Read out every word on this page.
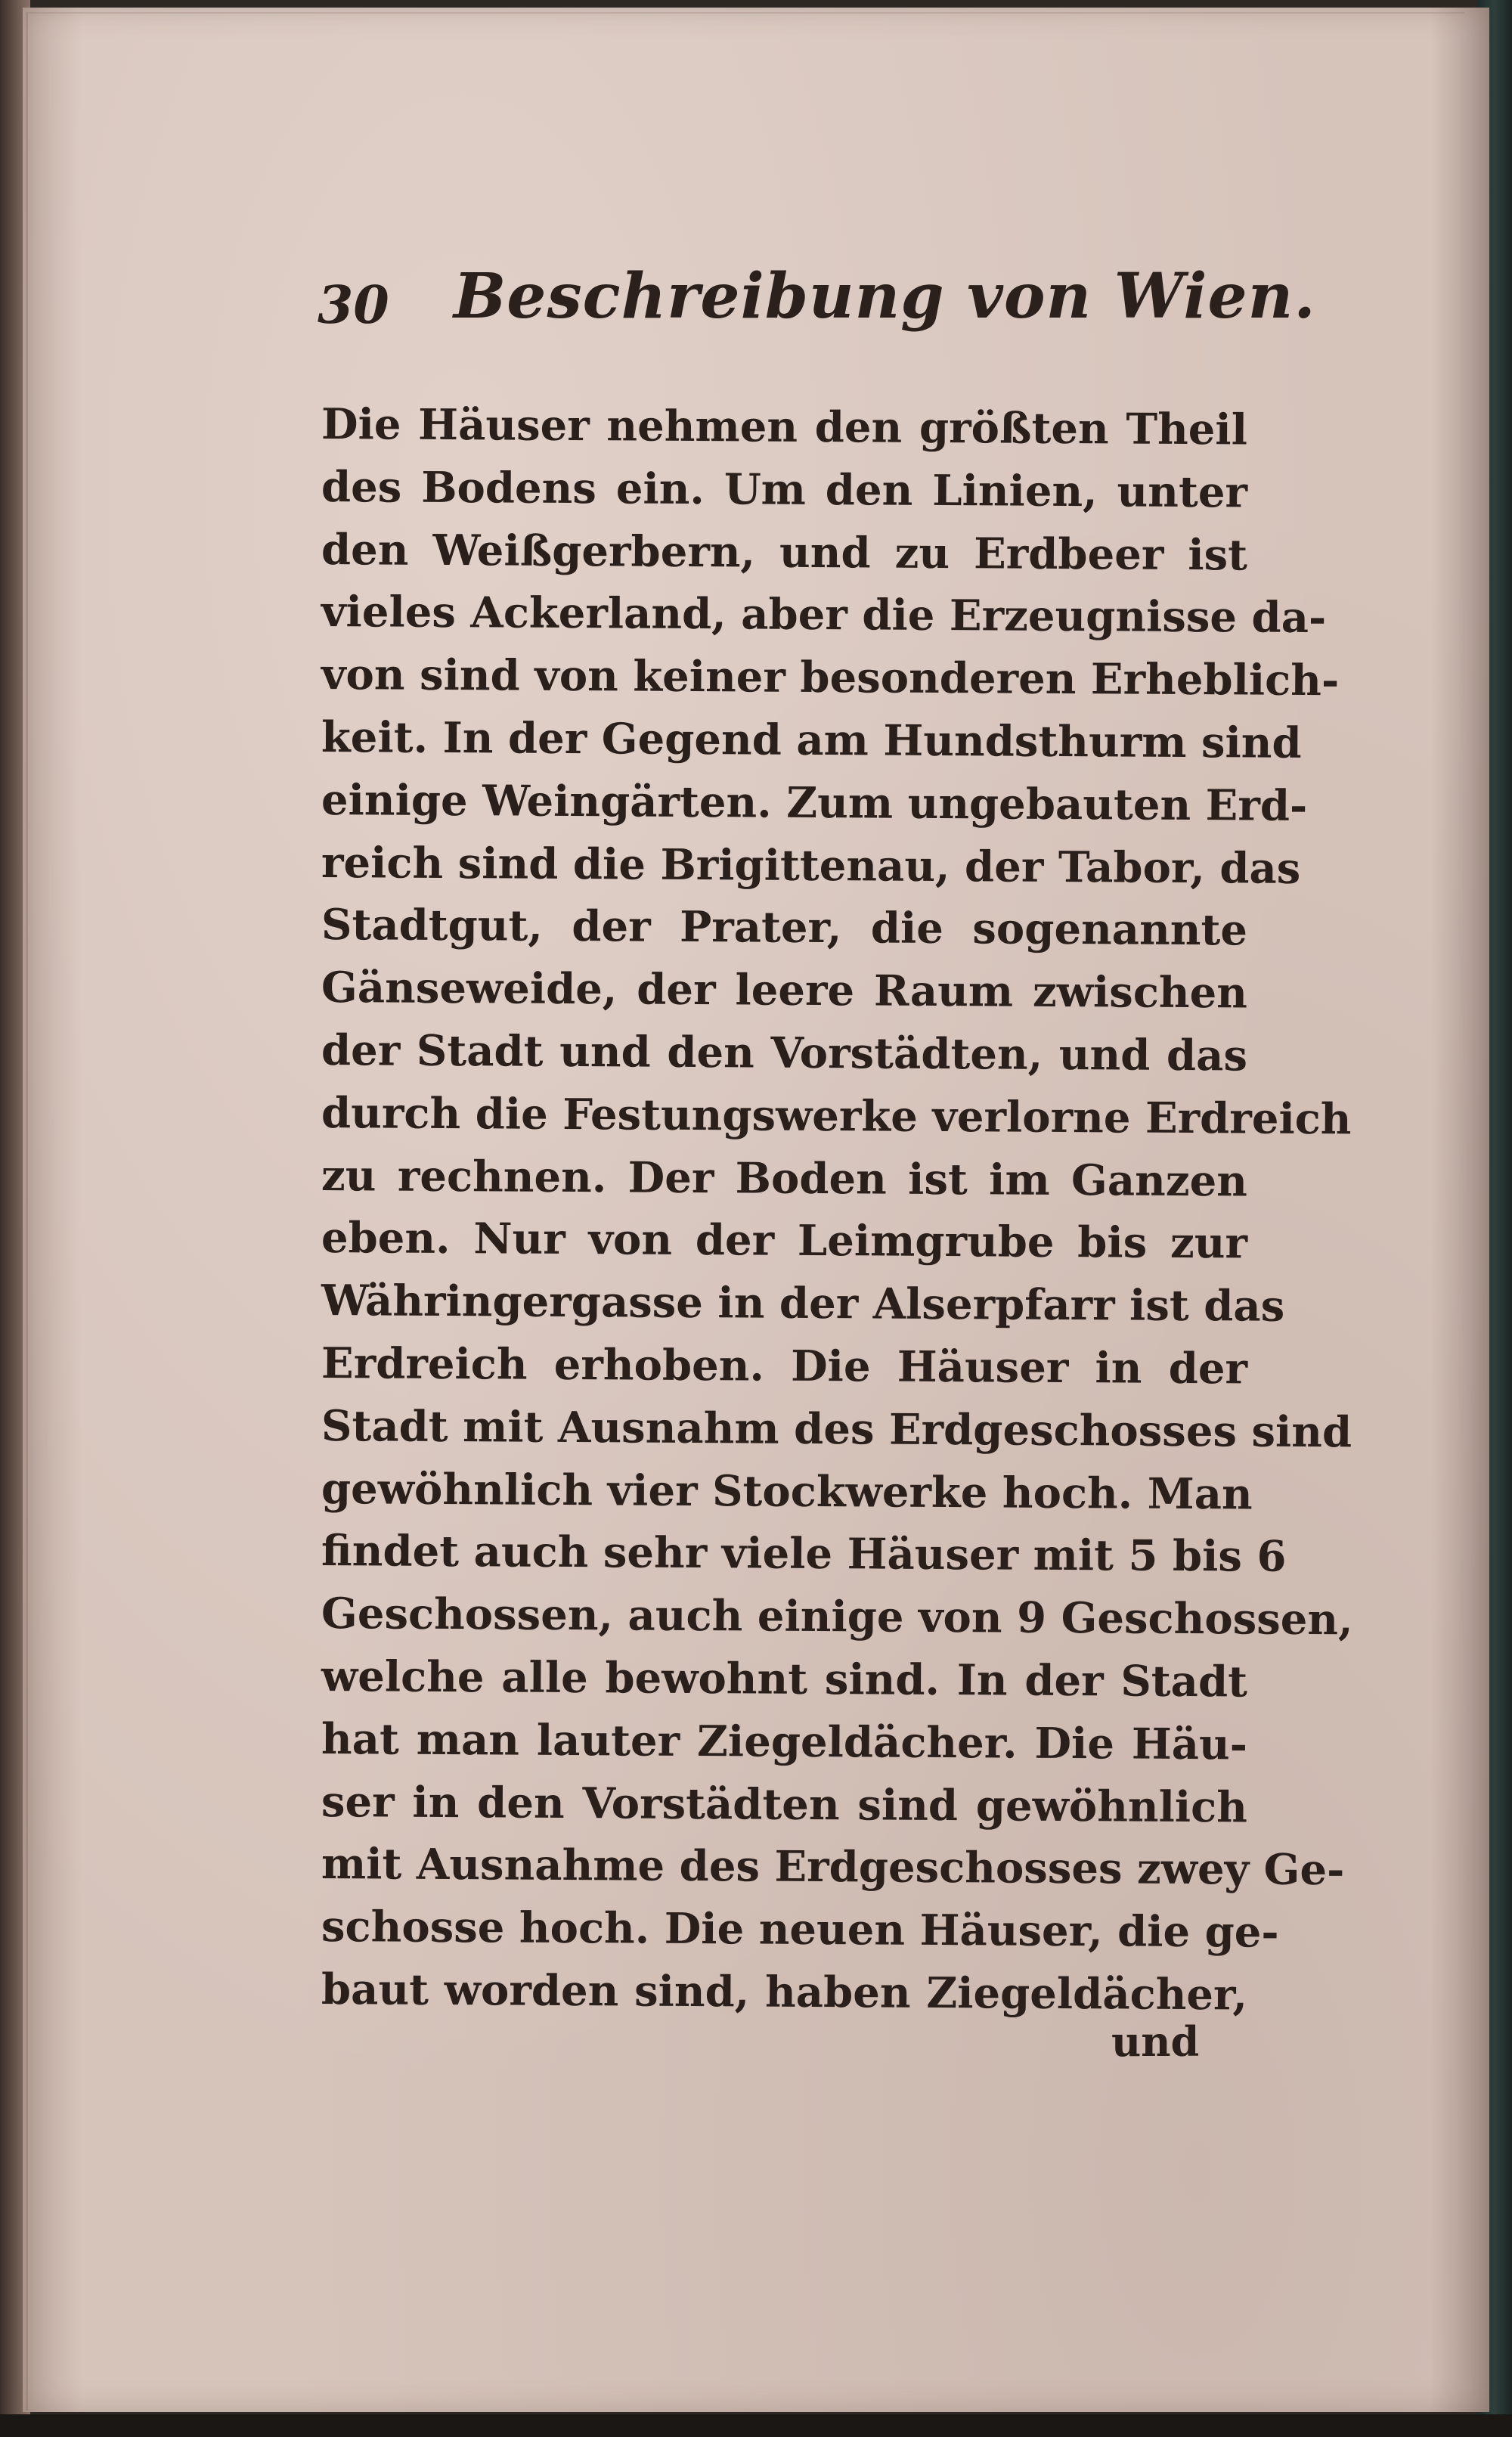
30 Beschreibung von Wien.
Die Häuser nehmen den größten Theil
des Bodens ein. Um den Linien, unter
den Weißgerbern, und zu Erdbeer ist
vieles Ackerland, aber die Erzeugnisse da-
von sind von keiner besonderen Erheblich-
keit. In der Gegend am Hundsthurm sind
einige Weingärten. Zum ungebauten Erd-
reich sind die Brigittenau, der Tabor, das
Stadtgut, der Prater, die sogenannte
Gänseweide, der leere Raum zwischen
der Stadt und den Vorstädten, und das
durch die Festungswerke verlorne Erdreich
zu rechnen. Der Boden ist im Ganzen
eben. Nur von der Leimgrube bis zur
Währingergasse in der Alserpfarr ist das
Erdreich erhoben. Die Häuser in der
Stadt mit Ausnahm des Erdgeschosses sind
gewöhnlich vier Stockwerke hoch. Man
findet auch sehr viele Häuser mit 5 bis 6
Geschossen, auch einige von 9 Geschossen,
welche alle bewohnt sind. In der Stadt
hat man lauter Ziegeldächer. Die Häu-
ser in den Vorstädten sind gewöhnlich
mit Ausnahme des Erdgeschosses zwey Ge-
schosse hoch. Die neuen Häuser, die ge-
baut worden sind, haben Ziegeldächer,
und
